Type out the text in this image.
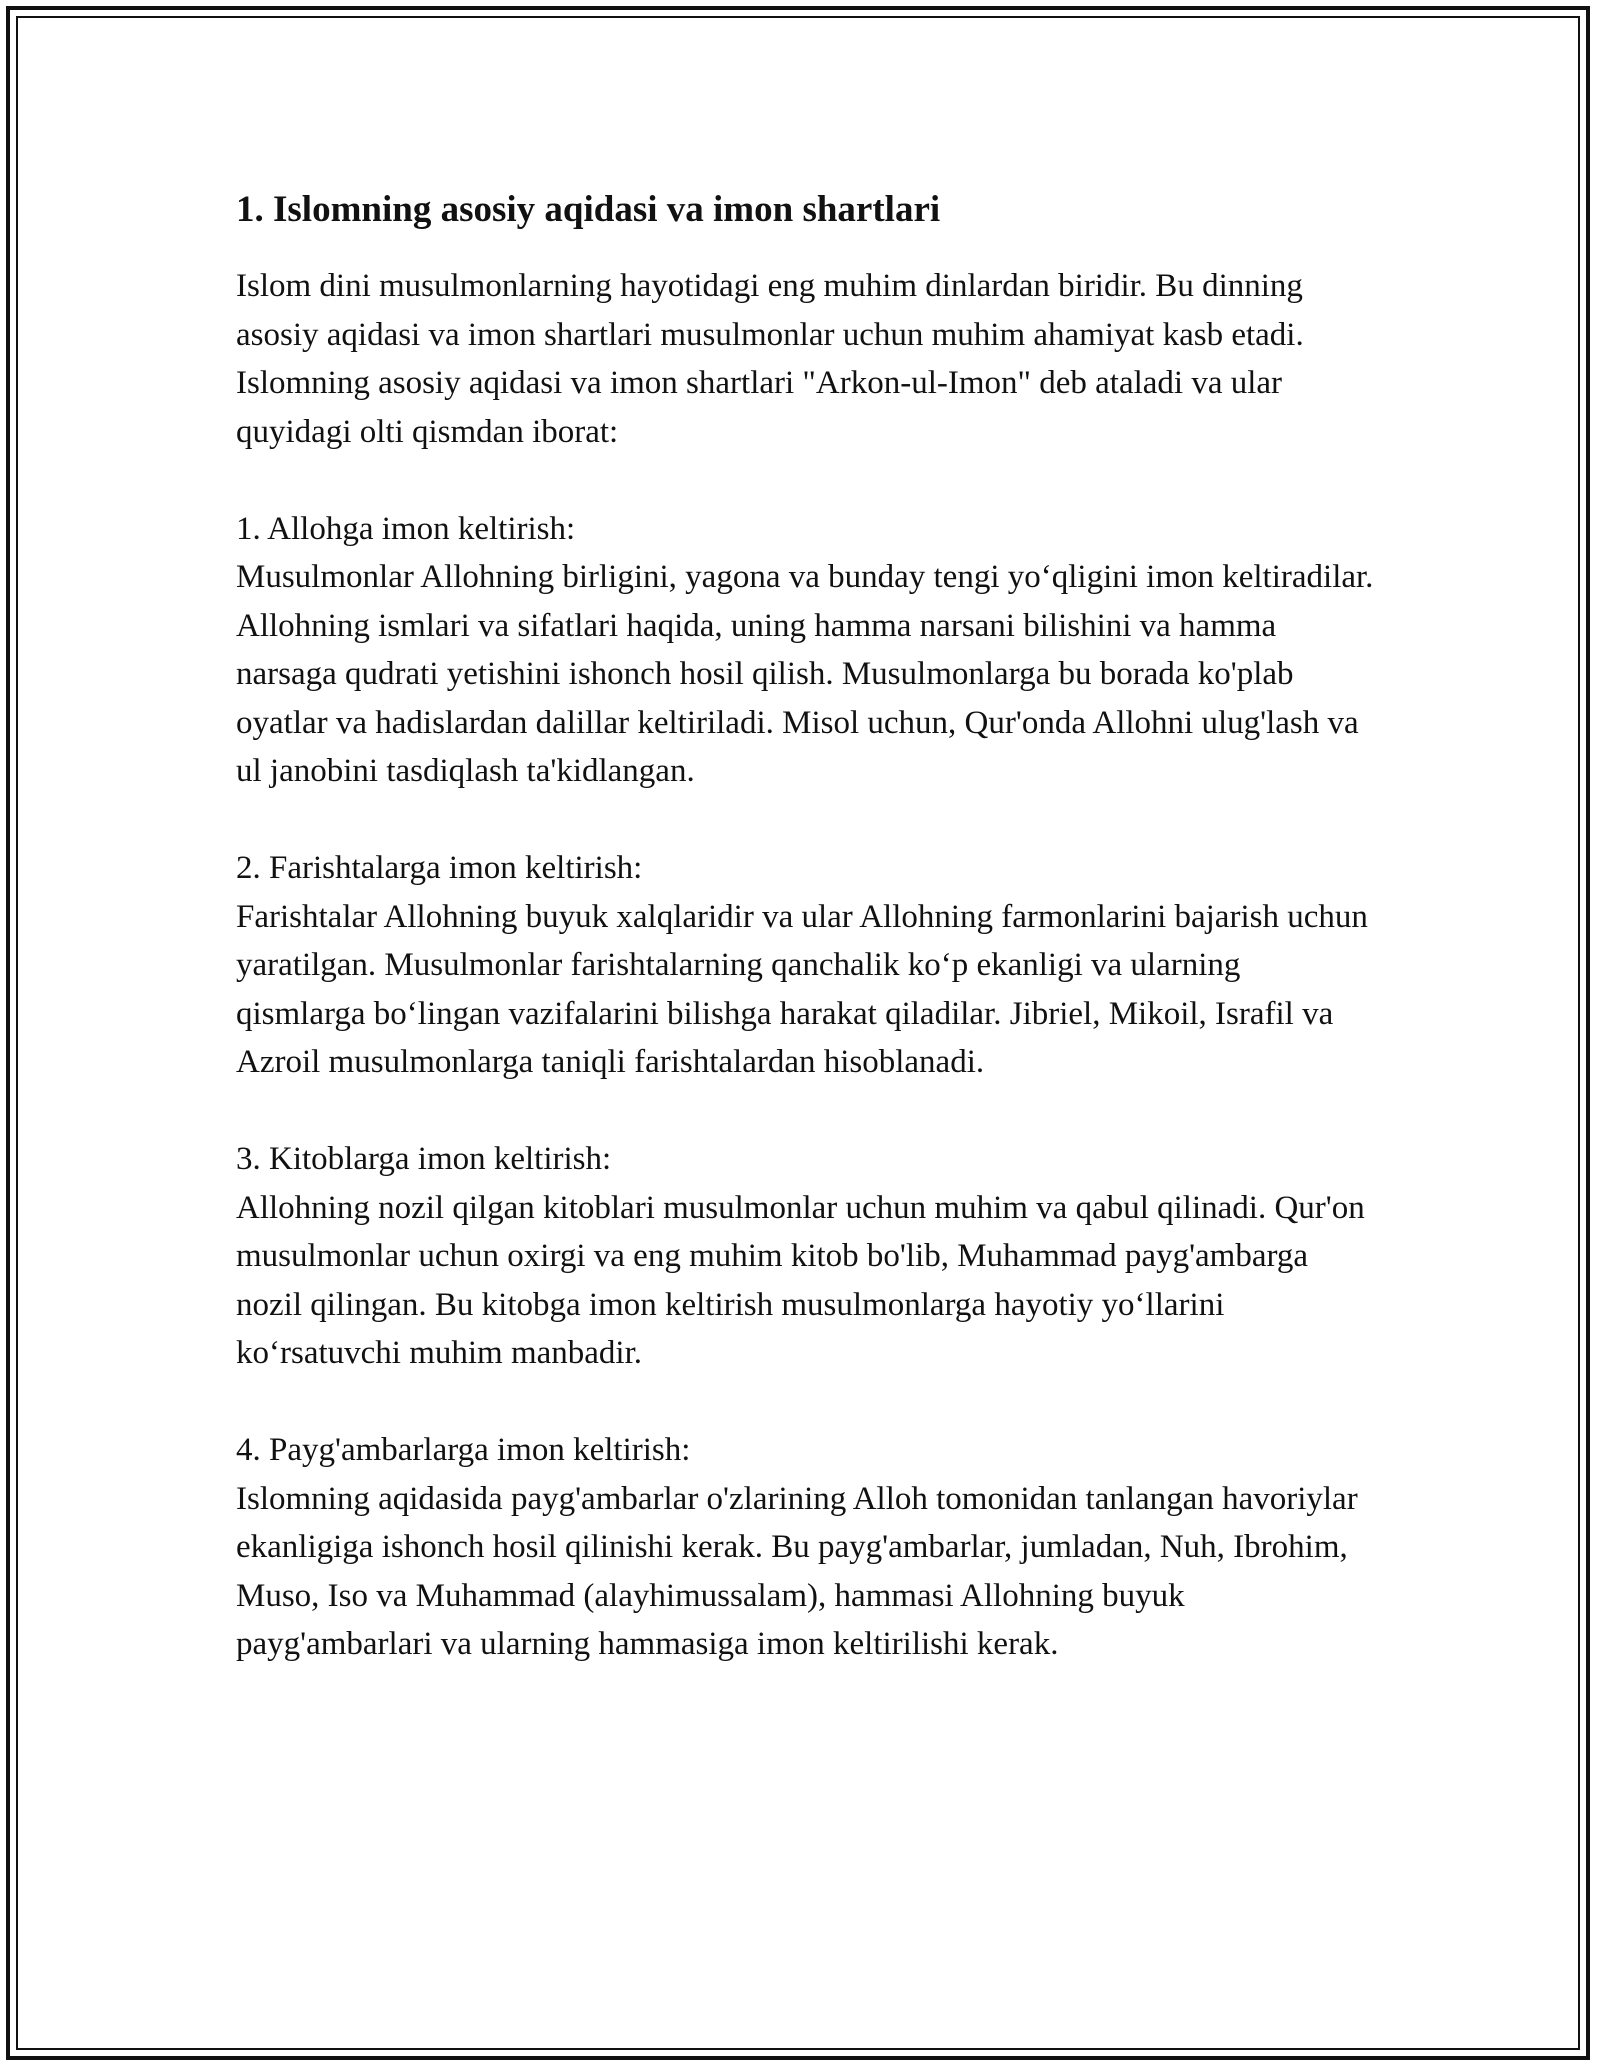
1. Islomning asosiy aqidasi va imon shartlari

Islom dini musulmonlarning hayotidagi eng muhim dinlardan biridir. Bu dinning asosiy aqidasi va imon shartlari musulmonlar uchun muhim ahamiyat kasb etadi. Islomning asosiy aqidasi va imon shartlari "Arkon-ul-Imon" deb ataladi va ular quyidagi olti qismdan iborat:

1. Allohga imon keltirish:

Musulmonlar Allohning birligini, yagona va bunday tengi yo‘qligini imon keltiradilar. Allohning ismlari va sifatlari haqida, uning hamma narsani bilishini va hamma narsaga qudrati yetishini ishonch hosil qilish. Musulmonlarga bu borada ko'plab oyatlar va hadislardan dalillar keltiriladi. Misol uchun, Qur'onda Allohni ulug'lash va ul janobini tasdiqlash ta'kidlangan.

2. Farishtalarga imon keltirish:

Farishtalar Allohning buyuk xalqlaridir va ular Allohning farmonlarini bajarish uchun yaratilgan. Musulmonlar farishtalarning qanchalik ko‘p ekanligi va ularning qismlarga bo‘lingan vazifalarini bilishga harakat qiladilar. Jibriel, Mikoil, Israfil va Azroil musulmonlarga taniqli farishtalardan hisoblanadi.

3. Kitoblarga imon keltirish:

Allohning nozil qilgan kitoblari musulmonlar uchun muhim va qabul qilinadi. Qur'on musulmonlar uchun oxirgi va eng muhim kitob bo'lib, Muhammad payg'ambarga nozil qilingan. Bu kitobga imon keltirish musulmonlarga hayotiy yo‘llarini ko‘rsatuvchi muhim manbadir.

4. Payg'ambarlarga imon keltirish:

Islomning aqidasida payg'ambarlar o'zlarining Alloh tomonidan tanlangan havoriylar ekanligiga ishonch hosil qilinishi kerak. Bu payg'ambarlar, jumladan, Nuh, Ibrohim, Muso, Iso va Muhammad (alayhimussalam), hammasi Allohning buyuk payg'ambarlari va ularning hammasiga imon keltirilishi kerak.
